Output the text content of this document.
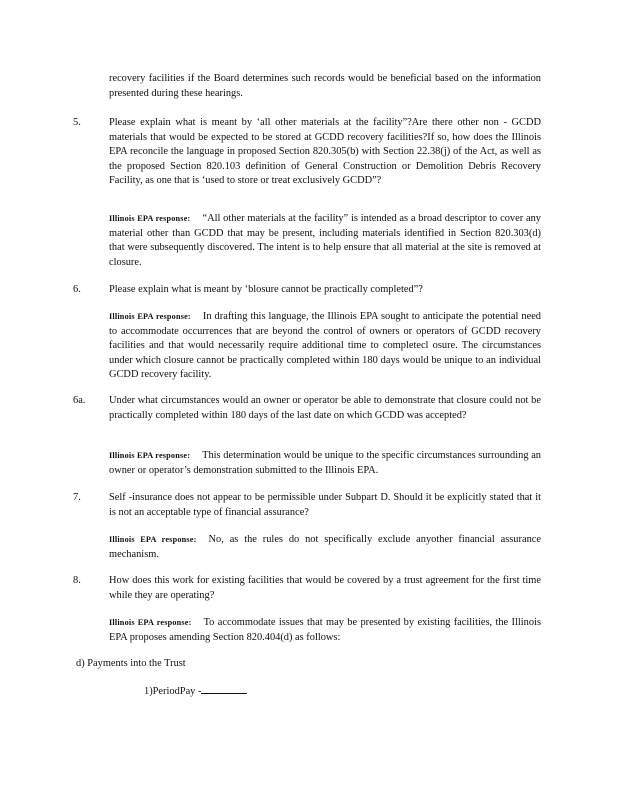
recovery facilities if the Board determines such records would be beneficial based on the information presented during these hearings.
5.	Please explain what is meant by ‘all other materials at the facility”?Are there other non - GCDD materials that would be expected to be stored at GCDD recovery facilities?If so, how does the Illinois EPA reconcile the language in proposed Section 820.305(b) with Section 22.38(j) of the Act, as well as the proposed Section 820.103 definition of General Construction or Demolition Debris Recovery Facility, as one that is ‘used to store or treat exclusively GCDD”?
Illinois EPA response: “All other materials at the facility” is intended as a broad descriptor to cover any material other than GCDD that may be present, including materials identified in Section 820.303(d) that were subsequently discovered. The intent is to help ensure that all material at the site is removed at closure.
6.	Please explain what is meant by ‘blosure cannot be practically completed”?
Illinois EPA response: In drafting this language, the Illinois EPA sought to anticipate the potential need to accommodate occurrences that are beyond the control of owners or operators of GCDD recovery facilities and that would necessarily require additional time to completecl osure. The circumstances under which closure cannot be practically completed within 180 days would be unique to an individual GCDD recovery facility.
6a. Under what circumstances would an owner or operator be able to demonstrate that closure could not be practically completed within 180 days of the last date on which GCDD was accepted?
Illinois EPA response: This determination would be unique to the specific circumstances surrounding an owner or operator’s demonstration submitted to the Illinois EPA.
7.	Self -insurance does not appear to be permissible under Subpart D. Should it be explicitly stated that it is not an acceptable type of financial assurance?
Illinois EPA response: No, as the rules do not specifically exclude anyother financial assurance mechanism.
8.	How does this work for existing facilities that would be covered by a trust agreement for the first time while they are operating?
Illinois EPA response: To accommodate issues that may be presented by existing facilities, the Illinois EPA proposes amending Section 820.404(d) as follows:
d) Payments into the Trust
1)PeriodPay -
